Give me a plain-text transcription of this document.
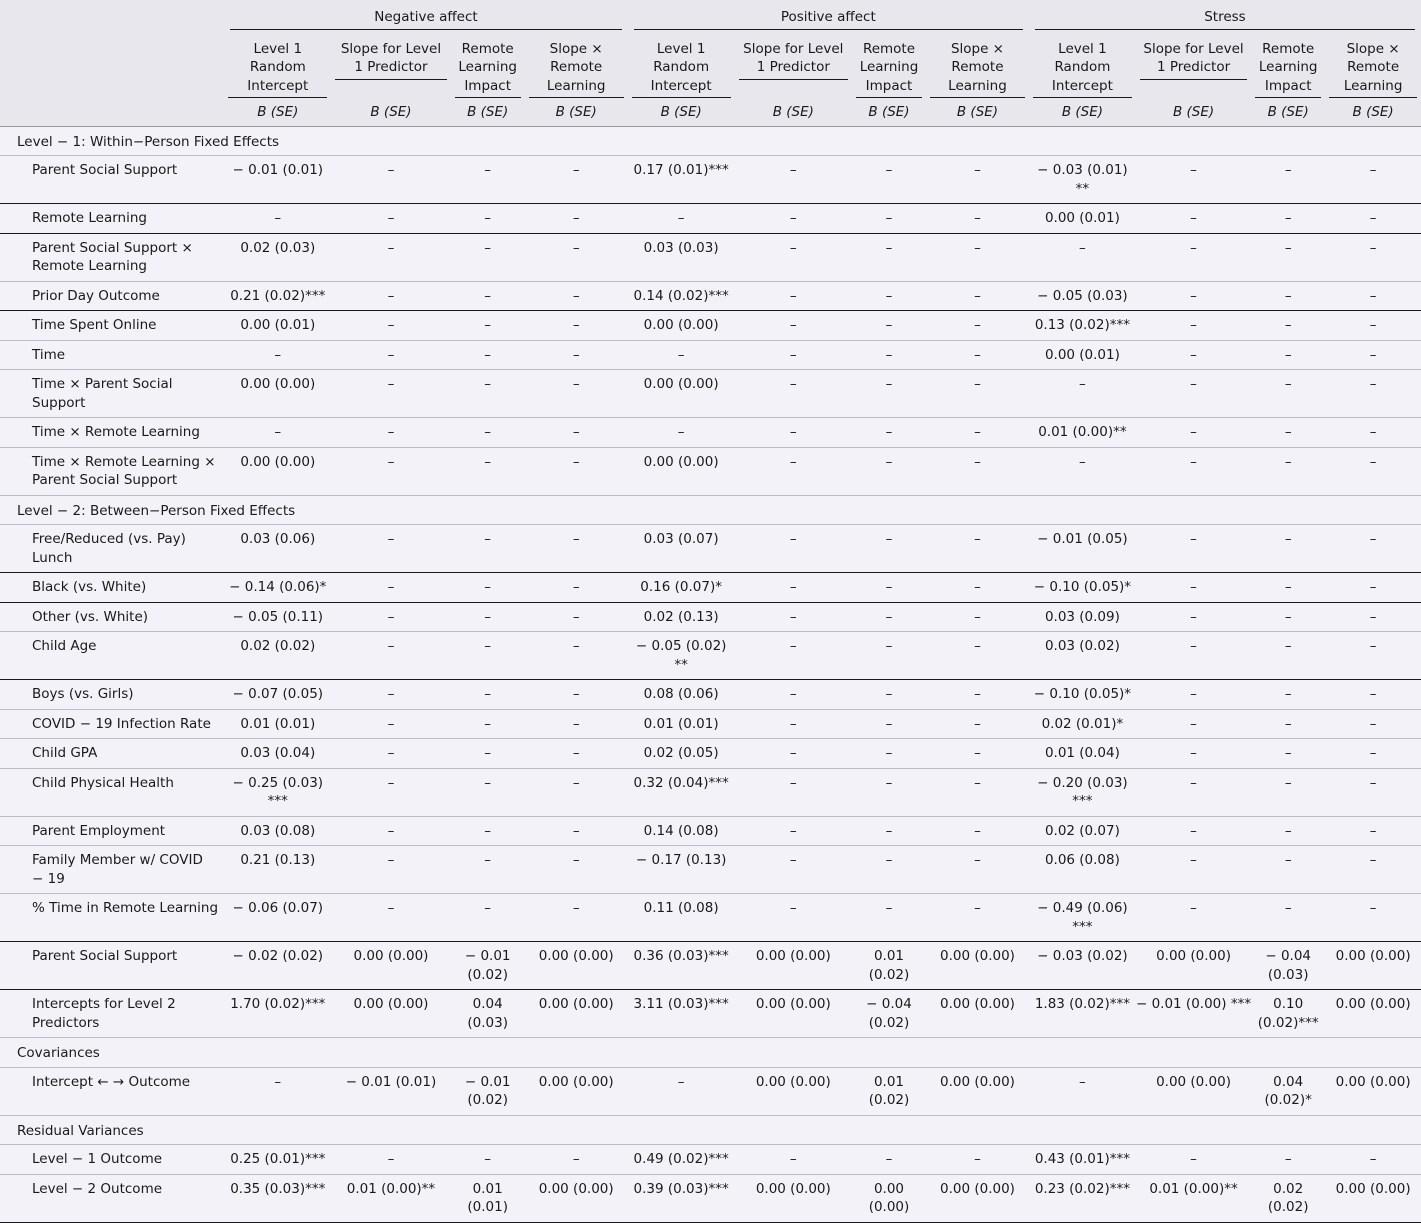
	Negative affect				Positive affect				Stress			

	Level 1 Random Intercept	Slope for Level 1 Predictor	Remote Learning Impact	Slope × Remote Learning	Level 1 Random Intercept	Slope for Level 1 Predictor	Remote Learning Impact	Slope × Remote Learning	Level 1 Random Intercept	Slope for Level 1 Predictor	Remote Learning Impact	Slope × Remote Learning

	B (SE)	B (SE)	B (SE)	B (SE)	B (SE)	B (SE)	B (SE)	B (SE)	B (SE)	B (SE)	B (SE)	B (SE)
Level − 1: Within−Person Fixed Effects												
Parent Social Support	− 0.01 (0.01)	–	–	–	0.17 (0.01)***	–	–	–	− 0.03 (0.01) **	–	–	–
Remote Learning	–	–	–	–	–	–	–	–	0.00 (0.01)	–	–	–
Parent Social Support × Remote Learning	0.02 (0.03)	–	–	–	0.03 (0.03)	–	–	–	–	–	–	–
Prior Day Outcome	0.21 (0.02)***	–	–	–	0.14 (0.02)***	–	–	–	− 0.05 (0.03)	–	–	–
Time Spent Online	0.00 (0.01)	–	–	–	0.00 (0.00)	–	–	–	0.13 (0.02)***	–	–	–
Time	–	–	–	–	–	–	–	–	0.00 (0.01)	–	–	–
Time × Parent Social Support	0.00 (0.00)	–	–	–	0.00 (0.00)	–	–	–	–	–	–	–
Time × Remote Learning	–	–	–	–	–	–	–	–	0.01 (0.00)**	–	–	–
Time × Remote Learning × Parent Social Support	0.00 (0.00)	–	–	–	0.00 (0.00)	–	–	–	–	–	–	–
Level − 2: Between−Person Fixed Effects												
Free/Reduced (vs. Pay) Lunch	0.03 (0.06)	–	–	–	0.03 (0.07)	–	–	–	− 0.01 (0.05)	–	–	–
Black (vs. White)	− 0.14 (0.06)*	–	–	–	0.16 (0.07)*	–	–	–	− 0.10 (0.05)*	–	–	–
Other (vs. White)	− 0.05 (0.11)	–	–	–	0.02 (0.13)	–	–	–	0.03 (0.09)	–	–	–
Child Age	0.02 (0.02)	–	–	–	− 0.05 (0.02) **	–	–	–	0.03 (0.02)	–	–	–
Boys (vs. Girls)	− 0.07 (0.05)	–	–	–	0.08 (0.06)	–	–	–	− 0.10 (0.05)*	–	–	–
COVID − 19 Infection Rate	0.01 (0.01)	–	–	–	0.01 (0.01)	–	–	–	0.02 (0.01)*	–	–	–
Child GPA	0.03 (0.04)	–	–	–	0.02 (0.05)	–	–	–	0.01 (0.04)	–	–	–
Child Physical Health	− 0.25 (0.03) ***	–	–	–	0.32 (0.04)***	–	–	–	− 0.20 (0.03) ***	–	–	–
Parent Employment	0.03 (0.08)	–	–	–	0.14 (0.08)	–	–	–	0.02 (0.07)	–	–	–
Family Member w/ COVID − 19	0.21 (0.13)	–	–	–	− 0.17 (0.13)	–	–	–	0.06 (0.08)	–	–	–
% Time in Remote Learning	− 0.06 (0.07)	–	–	–	0.11 (0.08)	–	–	–	− 0.49 (0.06) ***	–	–	–
Parent Social Support	− 0.02 (0.02)	0.00 (0.00)	− 0.01 (0.02)	0.00 (0.00)	0.36 (0.03)***	0.00 (0.00)	0.01 (0.02)	0.00 (0.00)	− 0.03 (0.02)	0.00 (0.00)	− 0.04 (0.03)	0.00 (0.00)
Intercepts for Level 2 Predictors	1.70 (0.02)***	0.00 (0.00)	0.04 (0.03)	0.00 (0.00)	3.11 (0.03)***	0.00 (0.00)	− 0.04 (0.02)	0.00 (0.00)	1.83 (0.02)***	− 0.01 (0.00) ***	0.10 (0.02)***	0.00 (0.00)
Covariances												
Intercept ← → Outcome	–	− 0.01 (0.01)	− 0.01 (0.02)	0.00 (0.00)	–	0.00 (0.00)	0.01 (0.02)	0.00 (0.00)	–	0.00 (0.00)	0.04 (0.02)*	0.00 (0.00)
Residual Variances												
Level − 1 Outcome	0.25 (0.01)***	–	–	–	0.49 (0.02)***	–	–	–	0.43 (0.01)***	–	–	–
Level − 2 Outcome	0.35 (0.03)***	0.01 (0.00)**	0.01 (0.01)	0.00 (0.00)	0.39 (0.03)***	0.00 (0.00)	0.00 (0.00)	0.00 (0.00)	0.23 (0.02)***	0.01 (0.00)**	0.02 (0.02)	0.00 (0.00)
